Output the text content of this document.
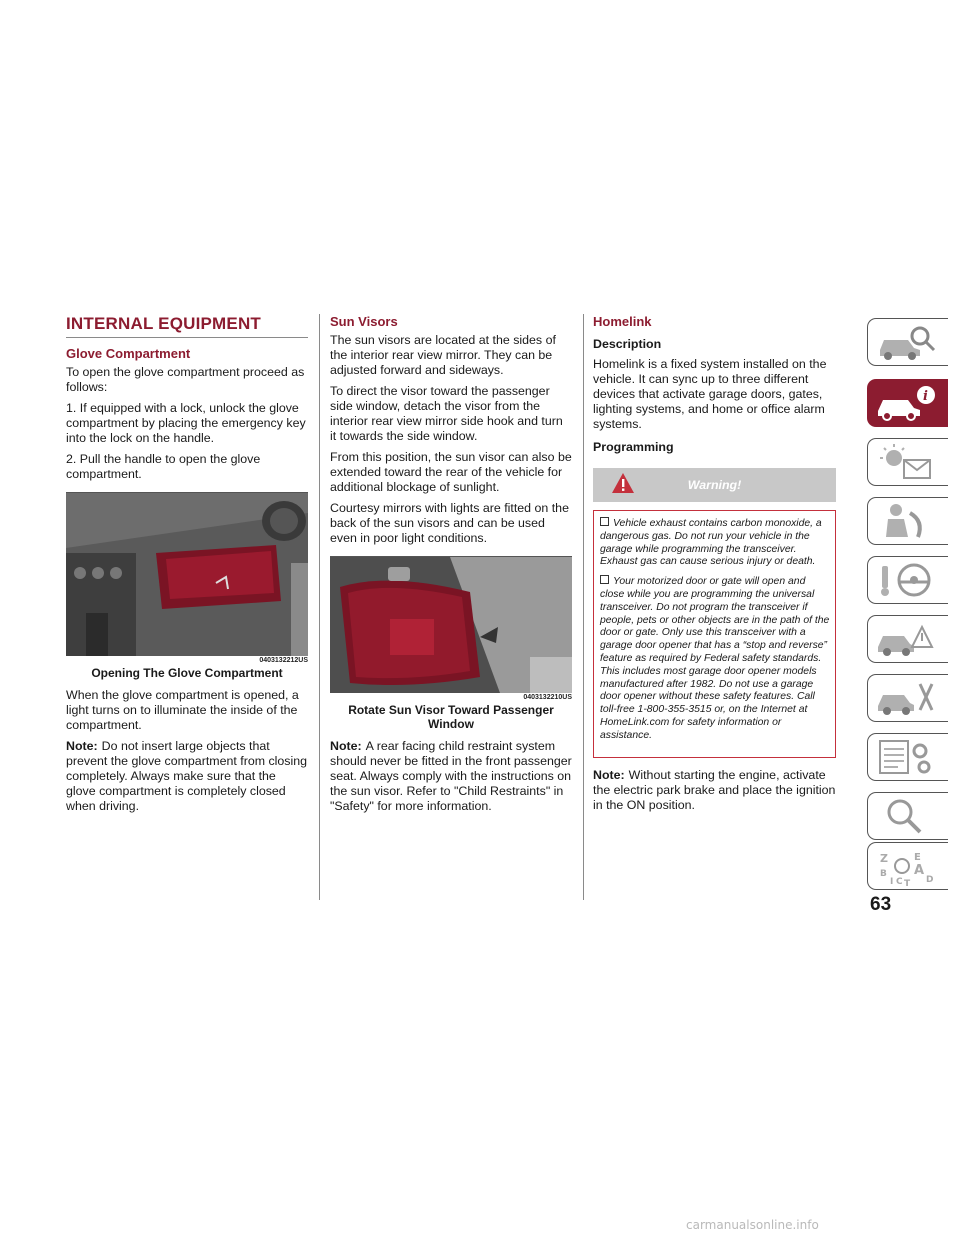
INTERNAL EQUIPMENT
Glove Compartment

To open the glove compartment proceed as follows:

1. If equipped with a lock, unlock the glove compartment by placing the emergency key into the lock on the handle.

2. Pull the handle to open the glove compartment.

0403132212US
Opening The Glove Compartment

When the glove compartment is opened, a light turns on to illuminate the inside of the compartment.

Note: Do not insert large objects that prevent the glove compartment from closing completely. Always make sure that the glove compartment is completely closed when driving.

Sun Visors

The sun visors are located at the sides of the interior rear view mirror. They can be adjusted forward and sideways.

To direct the visor toward the passenger side window, detach the visor from the interior rear view mirror side hook and turn it towards the side window.

From this position, the sun visor can also be extended toward the rear of the vehicle for additional blockage of sunlight.

Courtesy mirrors with lights are fitted on the back of the sun visors and can be used even in poor light conditions.

0403132210US
Rotate Sun Visor Toward Passenger Window

Note: A rear facing child restraint system should never be fitted in the front passenger seat. Always comply with the instructions on the sun visor. Refer to "Child Restraints" in "Safety" for more information.

Homelink
Description

Homelink is a fixed system installed on the vehicle. It can sync up to three different devices that activate garage doors, gates, lighting systems, and home or office alarm systems.

Programming
Warning!

Vehicle exhaust contains carbon monoxide, a dangerous gas. Do not run your vehicle in the garage while programming the transceiver. Exhaust gas can cause serious injury or death.

Your motorized door or gate will open and close while you are programming the universal transceiver. Do not program the transceiver if people, pets or other objects are in the path of the door or gate. Only use this transceiver with a garage door opener that has a “stop and reverse” feature as required by Federal safety standards. This includes most garage door opener models manufactured after 1982. Do not use a garage door opener without these safety features. Call toll-free 1-800-355-3515 or, on the Internet at HomeLink.com for safety information or assistance.

Note: Without starting the engine, activate the electric park brake and place the ignition in the ON position.

i
Z	E
A
B
I C T D
63
carmanualsonline.info
